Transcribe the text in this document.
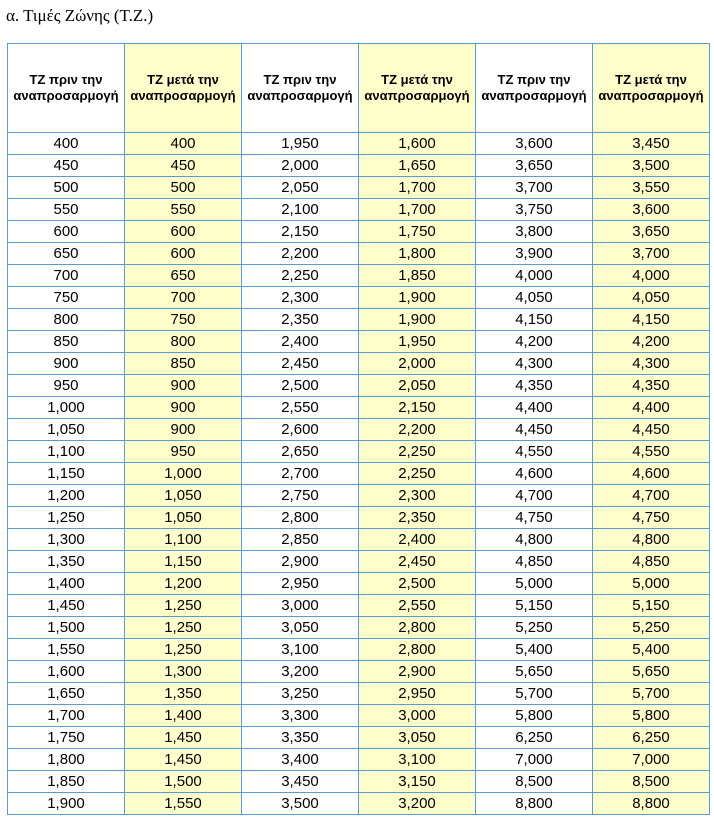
α. Τιμές Ζώνης (Τ.Ζ.)
ΤΖ πριν την αναπροσαρμογή	ΤΖ μετά την αναπροσαρμογή	ΤΖ πριν την αναπροσαρμογή	ΤΖ μετά την αναπροσαρμογή	ΤΖ πριν την αναπροσαρμογή	ΤΖ μετά την αναπροσαρμογή

400	400	1,950	1,600	3,600	3,450
450	450	2,000	1,650	3,650	3,500
500	500	2,050	1,700	3,700	3,550
550	550	2,100	1,700	3,750	3,600
600	600	2,150	1,750	3,800	3,650
650	600	2,200	1,800	3,900	3,700
700	650	2,250	1,850	4,000	4,000
750	700	2,300	1,900	4,050	4,050
800	750	2,350	1,900	4,150	4,150
850	800	2,400	1,950	4,200	4,200
900	850	2,450	2,000	4,300	4,300
950	900	2,500	2,050	4,350	4,350
1,000	900	2,550	2,150	4,400	4,400
1,050	900	2,600	2,200	4,450	4,450
1,100	950	2,650	2,250	4,550	4,550
1,150	1,000	2,700	2,250	4,600	4,600
1,200	1,050	2,750	2,300	4,700	4,700
1,250	1,050	2,800	2,350	4,750	4,750
1,300	1,100	2,850	2,400	4,800	4,800
1,350	1,150	2,900	2,450	4,850	4,850
1,400	1,200	2,950	2,500	5,000	5,000
1,450	1,250	3,000	2,550	5,150	5,150
1,500	1,250	3,050	2,800	5,250	5,250
1,550	1,250	3,100	2,800	5,400	5,400
1,600	1,300	3,200	2,900	5,650	5,650
1,650	1,350	3,250	2,950	5,700	5,700
1,700	1,400	3,300	3,000	5,800	5,800
1,750	1,450	3,350	3,050	6,250	6,250
1,800	1,450	3,400	3,100	7,000	7,000
1,850	1,500	3,450	3,150	8,500	8,500
1,900	1,550	3,500	3,200	8,800	8,800
